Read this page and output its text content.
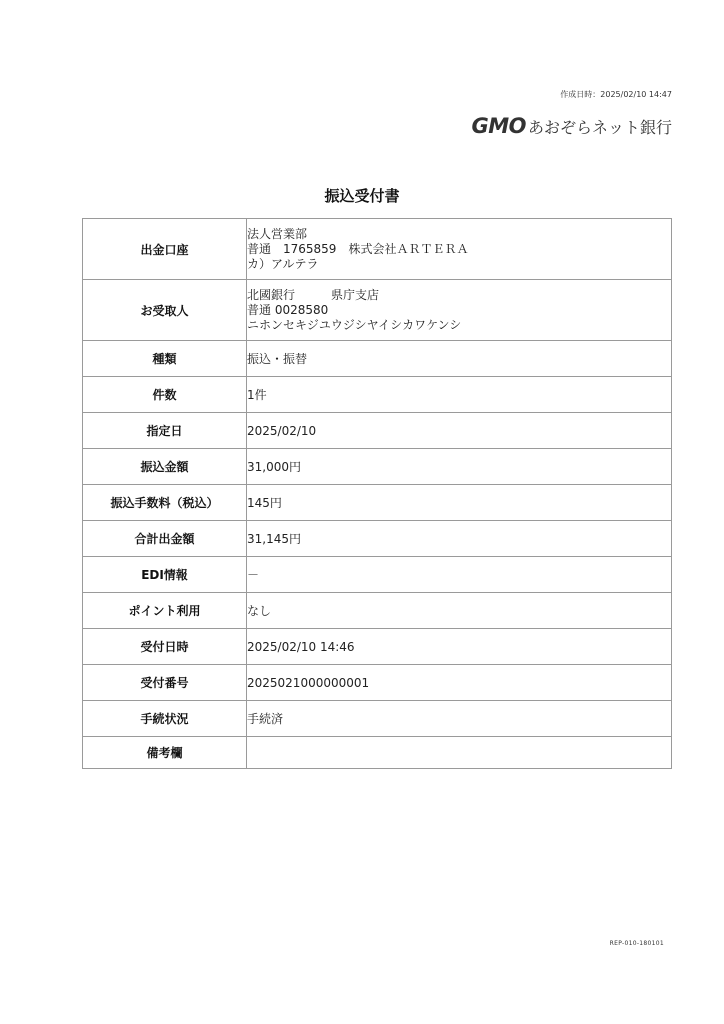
作成日時：2025/02/10 14:47
GMO あおぞらネット銀行
振込受付書
出金口座	法人営業部
普通　1765859　株式会社ＡＲＴＥＲＡ
カ）アルテラ

お受取人	北國銀行　　　県庁支店
普通 0028580
ニホンセキジユウジシヤイシカワケンシ

種類	振込・振替
件数	1件
指定日	2025/02/10
振込金額	31,000円
振込手数料（税込）	145円
合計出金額	31,145円
EDI情報	－
ポイント利用	なし
受付日時	2025/02/10 14:46
受付番号	2025021000000001
手続状況	手続済
備考欄	
REP-010-180101
